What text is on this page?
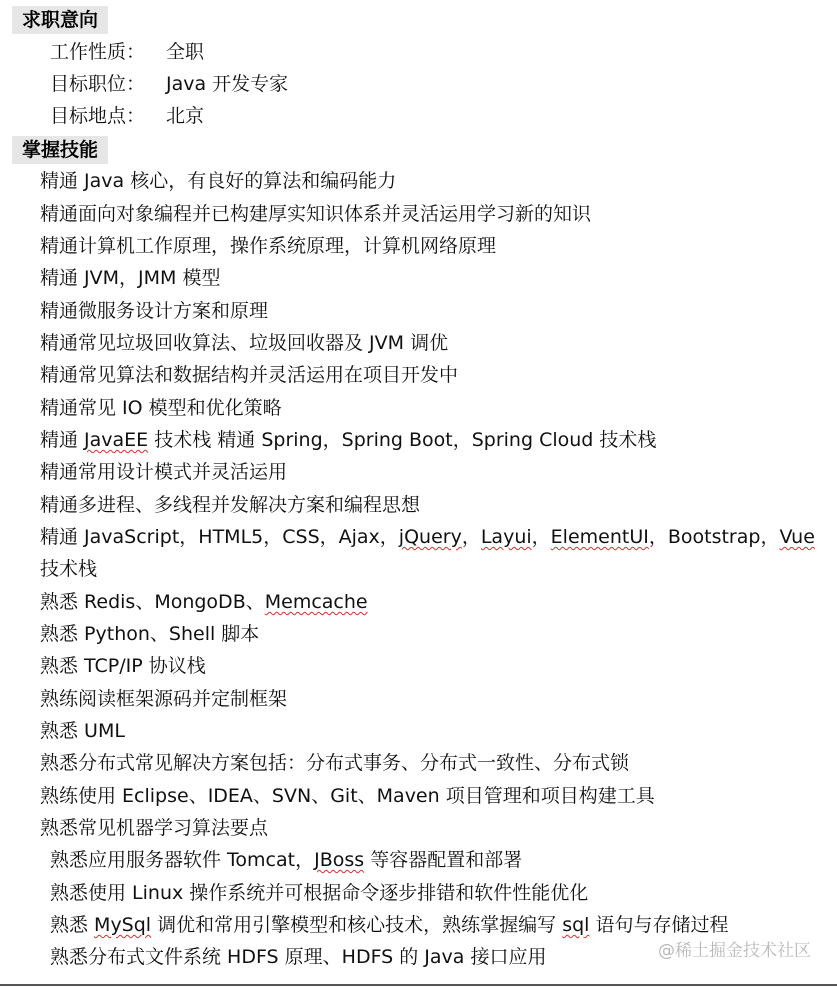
求职意向
工作性质： 全职
目标职位： Java 开发专家
目标地点： 北京
掌握技能
精通 Java 核心，有良好的算法和编码能力
精通面向对象编程并已构建厚实知识体系并灵活运用学习新的知识
精通计算机工作原理，操作系统原理，计算机网络原理
精通 JVM，JMM 模型
精通微服务设计方案和原理
精通常见垃圾回收算法、垃圾回收器及 JVM 调优
精通常见算法和数据结构并灵活运用在项目开发中
精通常见 IO 模型和优化策略
精通 JavaEE 技术栈 精通 Spring，Spring Boot，Spring Cloud 技术栈
精通常用设计模式并灵活运用
精通多进程、多线程并发解决方案和编程思想
精通 JavaScript，HTML5，CSS，Ajax，jQuery，Layui，ElementUI，Bootstrap，Vue
技术栈
熟悉 Redis、MongoDB、Memcache
熟悉 Python、Shell 脚本
熟悉 TCP/IP 协议栈
熟练阅读框架源码并定制框架
熟悉 UML
熟悉分布式常见解决方案包括：分布式事务、分布式一致性、分布式锁
熟练使用 Eclipse、IDEA、SVN、Git、Maven 项目管理和项目构建工具
熟悉常见机器学习算法要点
熟悉应用服务器软件 Tomcat，JBoss 等容器配置和部署
熟悉使用 Linux 操作系统并可根据命令逐步排错和软件性能优化
熟悉 MySql 调优和常用引擎模型和核心技术，熟练掌握编写 sql 语句与存储过程
熟悉分布式文件系统 HDFS 原理、HDFS 的 Java 接口应用	@稀土掘金技术社区
